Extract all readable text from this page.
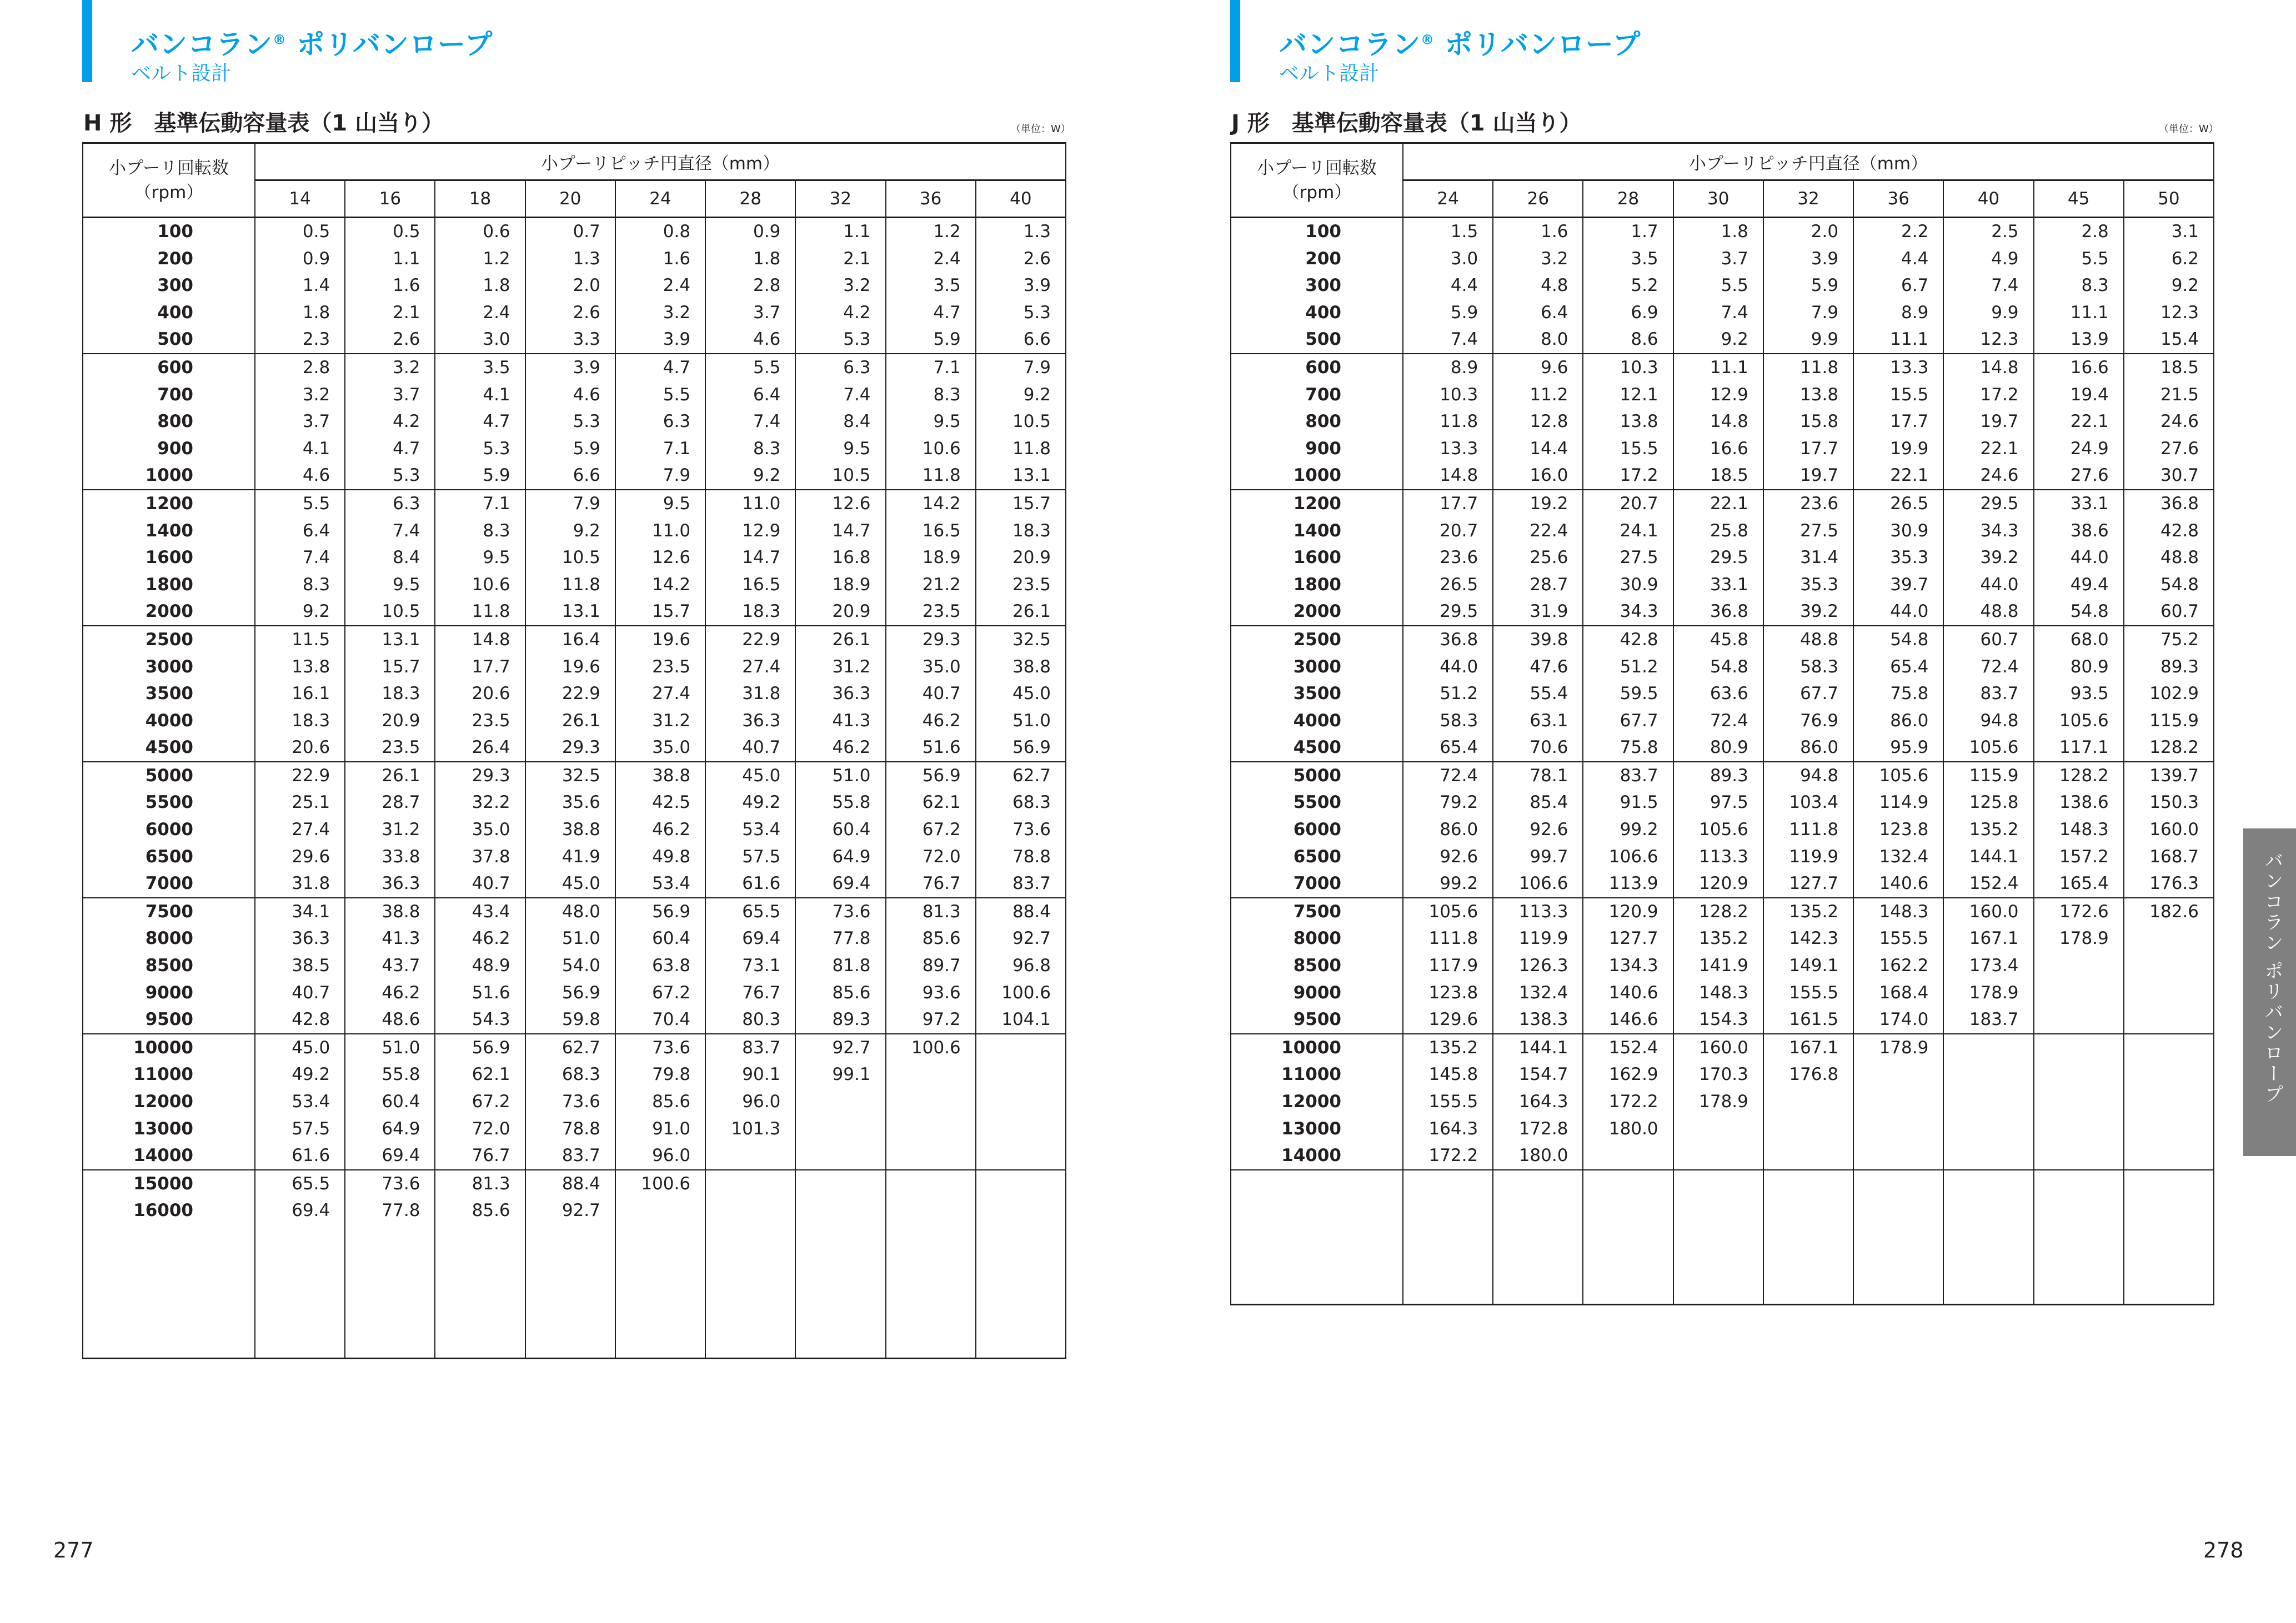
バンコラン® ポリバンロープ
ベルト設計
H 形　基準伝動容量表（1 山当り）	（単位：W）
小プーリ回転数
（rpm）	小プーリピッチ円直径（mm）								
	14	16	18	20	24	28	32	36	40
100	0.5	0.5	0.6	0.7	0.8	0.9	1.1	1.2	1.3
200	0.9	1.1	1.2	1.3	1.6	1.8	2.1	2.4	2.6
300	1.4	1.6	1.8	2.0	2.4	2.8	3.2	3.5	3.9
400	1.8	2.1	2.4	2.6	3.2	3.7	4.2	4.7	5.3
500	2.3	2.6	3.0	3.3	3.9	4.6	5.3	5.9	6.6
600	2.8	3.2	3.5	3.9	4.7	5.5	6.3	7.1	7.9
700	3.2	3.7	4.1	4.6	5.5	6.4	7.4	8.3	9.2
800	3.7	4.2	4.7	5.3	6.3	7.4	8.4	9.5	10.5
900	4.1	4.7	5.3	5.9	7.1	8.3	9.5	10.6	11.8
1000	4.6	5.3	5.9	6.6	7.9	9.2	10.5	11.8	13.1
1200	5.5	6.3	7.1	7.9	9.5	11.0	12.6	14.2	15.7
1400	6.4	7.4	8.3	9.2	11.0	12.9	14.7	16.5	18.3
1600	7.4	8.4	9.5	10.5	12.6	14.7	16.8	18.9	20.9
1800	8.3	9.5	10.6	11.8	14.2	16.5	18.9	21.2	23.5
2000	9.2	10.5	11.8	13.1	15.7	18.3	20.9	23.5	26.1
2500	11.5	13.1	14.8	16.4	19.6	22.9	26.1	29.3	32.5
3000	13.8	15.7	17.7	19.6	23.5	27.4	31.2	35.0	38.8
3500	16.1	18.3	20.6	22.9	27.4	31.8	36.3	40.7	45.0
4000	18.3	20.9	23.5	26.1	31.2	36.3	41.3	46.2	51.0
4500	20.6	23.5	26.4	29.3	35.0	40.7	46.2	51.6	56.9
5000	22.9	26.1	29.3	32.5	38.8	45.0	51.0	56.9	62.7
5500	25.1	28.7	32.2	35.6	42.5	49.2	55.8	62.1	68.3
6000	27.4	31.2	35.0	38.8	46.2	53.4	60.4	67.2	73.6
6500	29.6	33.8	37.8	41.9	49.8	57.5	64.9	72.0	78.8
7000	31.8	36.3	40.7	45.0	53.4	61.6	69.4	76.7	83.7
7500	34.1	38.8	43.4	48.0	56.9	65.5	73.6	81.3	88.4
8000	36.3	41.3	46.2	51.0	60.4	69.4	77.8	85.6	92.7
8500	38.5	43.7	48.9	54.0	63.8	73.1	81.8	89.7	96.8
9000	40.7	46.2	51.6	56.9	67.2	76.7	85.6	93.6	100.6
9500	42.8	48.6	54.3	59.8	70.4	80.3	89.3	97.2	104.1
10000	45.0	51.0	56.9	62.7	73.6	83.7	92.7	100.6	
11000	49.2	55.8	62.1	68.3	79.8	90.1	99.1		
12000	53.4	60.4	67.2	73.6	85.6	96.0			
13000	57.5	64.9	72.0	78.8	91.0	101.3			
14000	61.6	69.4	76.7	83.7	96.0				
15000	65.5	73.6	81.3	88.4	100.6				
16000	69.4	77.8	85.6	92.7					

277
バンコラン® ポリバンロープ
ベルト設計
J 形　基準伝動容量表（1 山当り）	（単位：W）
小プーリ回転数
（rpm）	小プーリピッチ円直径（mm）								
	24	26	28	30	32	36	40	45	50
100	1.5	1.6	1.7	1.8	2.0	2.2	2.5	2.8	3.1
200	3.0	3.2	3.5	3.7	3.9	4.4	4.9	5.5	6.2
300	4.4	4.8	5.2	5.5	5.9	6.7	7.4	8.3	9.2
400	5.9	6.4	6.9	7.4	7.9	8.9	9.9	11.1	12.3
500	7.4	8.0	8.6	9.2	9.9	11.1	12.3	13.9	15.4
600	8.9	9.6	10.3	11.1	11.8	13.3	14.8	16.6	18.5
700	10.3	11.2	12.1	12.9	13.8	15.5	17.2	19.4	21.5
800	11.8	12.8	13.8	14.8	15.8	17.7	19.7	22.1	24.6
900	13.3	14.4	15.5	16.6	17.7	19.9	22.1	24.9	27.6
1000	14.8	16.0	17.2	18.5	19.7	22.1	24.6	27.6	30.7
1200	17.7	19.2	20.7	22.1	23.6	26.5	29.5	33.1	36.8
1400	20.7	22.4	24.1	25.8	27.5	30.9	34.3	38.6	42.8
1600	23.6	25.6	27.5	29.5	31.4	35.3	39.2	44.0	48.8
1800	26.5	28.7	30.9	33.1	35.3	39.7	44.0	49.4	54.8
2000	29.5	31.9	34.3	36.8	39.2	44.0	48.8	54.8	60.7
2500	36.8	39.8	42.8	45.8	48.8	54.8	60.7	68.0	75.2
3000	44.0	47.6	51.2	54.8	58.3	65.4	72.4	80.9	89.3
3500	51.2	55.4	59.5	63.6	67.7	75.8	83.7	93.5	102.9
4000	58.3	63.1	67.7	72.4	76.9	86.0	94.8	105.6	115.9
4500	65.4	70.6	75.8	80.9	86.0	95.9	105.6	117.1	128.2
5000	72.4	78.1	83.7	89.3	94.8	105.6	115.9	128.2	139.7
5500	79.2	85.4	91.5	97.5	103.4	114.9	125.8	138.6	150.3
6000	86.0	92.6	99.2	105.6	111.8	123.8	135.2	148.3	160.0
6500	92.6	99.7	106.6	113.3	119.9	132.4	144.1	157.2	168.7
7000	99.2	106.6	113.9	120.9	127.7	140.6	152.4	165.4	176.3
7500	105.6	113.3	120.9	128.2	135.2	148.3	160.0	172.6	182.6
8000	111.8	119.9	127.7	135.2	142.3	155.5	167.1	178.9	
8500	117.9	126.3	134.3	141.9	149.1	162.2	173.4		
9000	123.8	132.4	140.6	148.3	155.5	168.4	178.9		
9500	129.6	138.3	146.6	154.3	161.5	174.0	183.7		
10000	135.2	144.1	152.4	160.0	167.1	178.9			
11000	145.8	154.7	162.9	170.3	176.8				
12000	155.5	164.3	172.2	178.9					
13000	164.3	172.8	180.0						
14000	172.2	180.0							

バンコラン ポリバンロープ
278
